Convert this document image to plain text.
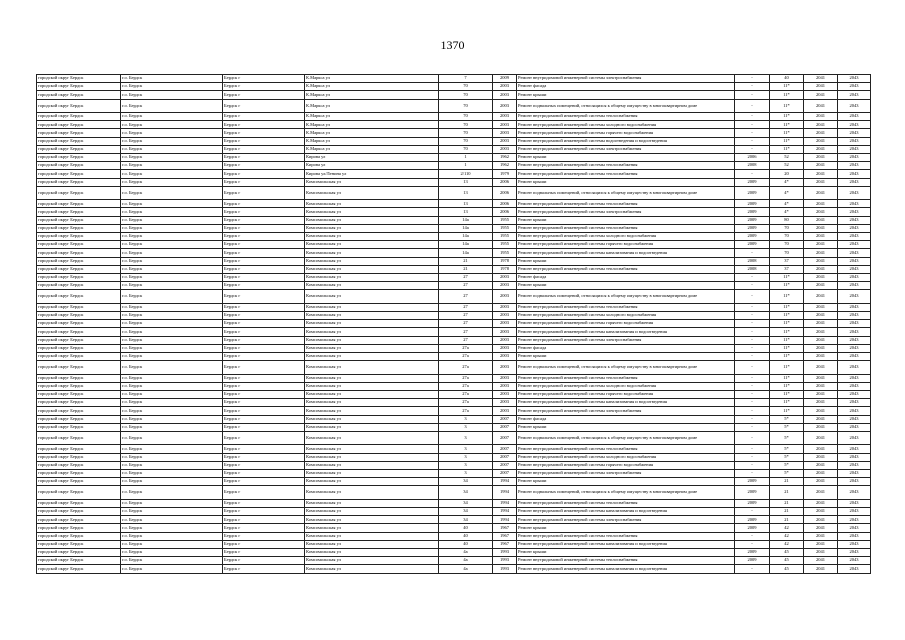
1370
городской округ Бердск	г.о. Бердск	Бердск г	К.Маркса ул	7	2009	Ремонт внутридомовой инженерной системы электроснабжения	-	40	2041	2043
городской округ Бердск	г.о. Бердск	Бердск г	К.Маркса ул	70	2003	Ремонт фасада	-	11*	2041	2043
городской округ Бердск	г.о. Бердск	Бердск г	К.Маркса ул	70	2003	Ремонт крыши	-	11*	2041	2043
городской округ Бердск	г.о. Бердск	Бердск г	К.Маркса ул	70	2003	Ремонт подвальных помещений, относящихся к общему имуществу в многоквартирном доме	-	11*	2041	2043
городской округ Бердск	г.о. Бердск	Бердск г	К.Маркса ул	70	2003	Ремонт внутридомовой инженерной системы теплоснабжения	-	11*	2041	2043
городской округ Бердск	г.о. Бердск	Бердск г	К.Маркса ул	70	2003	Ремонт внутридомовой инженерной системы холодного водоснабжения	-	11*	2041	2043
городской округ Бердск	г.о. Бердск	Бердск г	К.Маркса ул	70	2003	Ремонт внутридомовой инженерной системы горячего водоснабжения	-	11*	2041	2043
городской округ Бердск	г.о. Бердск	Бердск г	К.Маркса ул	70	2003	Ремонт внутридомовой инженерной системы водоотведения и водоотведения	-	11*	2041	2043
городской округ Бердск	г.о. Бердск	Бердск г	К.Маркса ул	70	2003	Ремонт внутридомовой инженерной системы электроснабжения	-	11*	2041	2043
городской округ Бердск	г.о. Бердск	Бердск г	Кирова ул	1	1962	Ремонт крыши	2006	52	2041	2043
городской округ Бердск	г.о. Бердск	Бердск г	Кирова ул	1	1962	Ремонт внутридомовой инженерной системы теплоснабжения	2008	52	2041	2043
городской округ Бердск	г.о. Бердск	Бердск г	Кирова ул/Ленина ул	2/110	1979	Ремонт внутридомовой инженерной системы теплоснабжения	-	20	2041	2043
городской округ Бердск	г.о. Бердск	Бердск г	Комсомольская ул	13	2006	Ремонт крыши	2009	4*	2041	2043
городской округ Бердск	г.о. Бердск	Бердск г	Комсомольская ул	13	2006	Ремонт подвальных помещений, относящихся к общему имуществу в многоквартирном доме	2009	4*	2041	2043
городской округ Бердск	г.о. Бердск	Бердск г	Комсомольская ул	13	2006	Ремонт внутридомовой инженерной системы теплоснабжения	2009	4*	2041	2043
городской округ Бердск	г.о. Бердск	Бердск г	Комсомольская ул	13	2006	Ремонт внутридомовой инженерной системы электроснабжения	2009	4*	2041	2043
городской округ Бердск	г.о. Бердск	Бердск г	Комсомольская ул	14а	1955	Ремонт крыши	2009	80	2041	2043
городской округ Бердск	г.о. Бердск	Бердск г	Комсомольская ул	14а	1955	Ремонт внутридомовой инженерной системы теплоснабжения	2009	70	2041	2043
городской округ Бердск	г.о. Бердск	Бердск г	Комсомольская ул	14а	1955	Ремонт внутридомовой инженерной системы холодного водоснабжения	2009	70	2041	2043
городской округ Бердск	г.о. Бердск	Бердск г	Комсомольская ул	14а	1955	Ремонт внутридомовой инженерной системы горячего водоснабжения	2009	70	2041	2043
городской округ Бердск	г.о. Бердск	Бердск г	Комсомольская ул	14а	1955	Ремонт внутридомовой инженерной системы канализования и водоотведения	-	70	2041	2043
городской округ Бердск	г.о. Бердск	Бердск г	Комсомольская ул	21	1978	Ремонт крыши	2008	37	2041	2043
городской округ Бердск	г.о. Бердск	Бердск г	Комсомольская ул	21	1978	Ремонт внутридомовой инженерной системы теплоснабжения	2008	37	2041	2043
городской округ Бердск	г.о. Бердск	Бердск г	Комсомольская ул	27	2003	Ремонт фасада	-	11*	2041	2043
городской округ Бердск	г.о. Бердск	Бердск г	Комсомольская ул	27	2003	Ремонт крыши	-	11*	2041	2043
городской округ Бердск	г.о. Бердск	Бердск г	Комсомольская ул	27	2003	Ремонт подвальных помещений, относящихся к общему имуществу в многоквартирном доме	-	11*	2041	2043
городской округ Бердск	г.о. Бердск	Бердск г	Комсомольская ул	27	2003	Ремонт внутридомовой инженерной системы теплоснабжения	-	11*	2041	2043
городской округ Бердск	г.о. Бердск	Бердск г	Комсомольская ул	27	2003	Ремонт внутридомовой инженерной системы холодного водоснабжения	-	11*	2041	2043
городской округ Бердск	г.о. Бердск	Бердск г	Комсомольская ул	27	2003	Ремонт внутридомовой инженерной системы горячего водоснабжения	-	11*	2041	2043
городской округ Бердск	г.о. Бердск	Бердск г	Комсомольская ул	27	2003	Ремонт внутридомовой инженерной системы канализования и водоотведения	-	11*	2041	2043
городской округ Бердск	г.о. Бердск	Бердск г	Комсомольская ул	27	2003	Ремонт внутридомовой инженерной системы электроснабжения	-	11*	2041	2043
городской округ Бердск	г.о. Бердск	Бердск г	Комсомольская ул	27а	2003	Ремонт фасада	-	11*	2041	2043
городской округ Бердск	г.о. Бердск	Бердск г	Комсомольская ул	27а	2003	Ремонт крыши	-	11*	2041	2043
городской округ Бердск	г.о. Бердск	Бердск г	Комсомольская ул	27а	2003	Ремонт подвальных помещений, относящихся к общему имуществу в многоквартирном доме	-	11*	2041	2043
городской округ Бердск	г.о. Бердск	Бердск г	Комсомольская ул	27а	2003	Ремонт внутридомовой инженерной системы теплоснабжения	-	11*	2041	2043
городской округ Бердск	г.о. Бердск	Бердск г	Комсомольская ул	27а	2003	Ремонт внутридомовой инженерной системы холодного водоснабжения	-	11*	2041	2043
городской округ Бердск	г.о. Бердск	Бердск г	Комсомольская ул	27а	2003	Ремонт внутридомовой инженерной системы горячего водоснабжения	-	11*	2041	2043
городской округ Бердск	г.о. Бердск	Бердск г	Комсомольская ул	27а	2003	Ремонт внутридомовой инженерной системы канализования и водоотведения	-	11*	2041	2043
городской округ Бердск	г.о. Бердск	Бердск г	Комсомольская ул	27а	2003	Ремонт внутридомовой инженерной системы электроснабжения	-	11*	2041	2043
городской округ Бердск	г.о. Бердск	Бердск г	Комсомольская ул	3	2007	Ремонт фасада	-	5*	2041	2043
городской округ Бердск	г.о. Бердск	Бердск г	Комсомольская ул	3	2007	Ремонт крыши	-	5*	2041	2043
городской округ Бердск	г.о. Бердск	Бердск г	Комсомольская ул	3	2007	Ремонт подвальных помещений, относящихся к общему имуществу в многоквартирном доме	-	5*	2041	2043
городской округ Бердск	г.о. Бердск	Бердск г	Комсомольская ул	3	2007	Ремонт внутридомовой инженерной системы теплоснабжения	-	5*	2041	2043
городской округ Бердск	г.о. Бердск	Бердск г	Комсомольская ул	3	2007	Ремонт внутридомовой инженерной системы холодного водоснабжения	-	5*	2041	2043
городской округ Бердск	г.о. Бердск	Бердск г	Комсомольская ул	3	2007	Ремонт внутридомовой инженерной системы горячего водоснабжения	-	5*	2041	2043
городской округ Бердск	г.о. Бердск	Бердск г	Комсомольская ул	3	2007	Ремонт внутридомовой инженерной системы электроснабжения	-	5*	2041	2043
городской округ Бердск	г.о. Бердск	Бердск г	Комсомольская ул	34	1994	Ремонт крыши	2009	21	2041	2043
городской округ Бердск	г.о. Бердск	Бердск г	Комсомольская ул	34	1994	Ремонт подвальных помещений, относящихся к общему имуществу в многоквартирном доме	2009	21	2041	2043
городской округ Бердск	г.о. Бердск	Бердск г	Комсомольская ул	34	1994	Ремонт внутридомовой инженерной системы теплоснабжения	2009	21	2041	2043
городской округ Бердск	г.о. Бердск	Бердск г	Комсомольская ул	34	1994	Ремонт внутридомовой инженерной системы канализования и водоотведения	-	21	2041	2043
городской округ Бердск	г.о. Бердск	Бердск г	Комсомольская ул	34	1994	Ремонт внутридомовой инженерной системы электроснабжения	2009	21	2041	2043
городской округ Бердск	г.о. Бердск	Бердск г	Комсомольская ул	40	1967	Ремонт крыши	2009	42	2041	2043
городской округ Бердск	г.о. Бердск	Бердск г	Комсомольская ул	40	1967	Ремонт внутридомовой инженерной системы теплоснабжения	-	42	2041	2043
городской округ Бердск	г.о. Бердск	Бердск г	Комсомольская ул	40	1967	Ремонт внутридомовой инженерной системы канализования и водоотведения	-	42	2041	2043
городской округ Бердск	г.о. Бердск	Бердск г	Комсомольская ул	4а	1993	Ремонт крыши	2009	45	2041	2043
городской округ Бердск	г.о. Бердск	Бердск г	Комсомольская ул	4а	1993	Ремонт внутридомовой инженерной системы теплоснабжения	2009	45	2041	2043
городской округ Бердск	г.о. Бердск	Бердск г	Комсомольская ул	4а	1993	Ремонт внутридомовой инженерной системы канализования и водоотведения	-	45	2041	2043
